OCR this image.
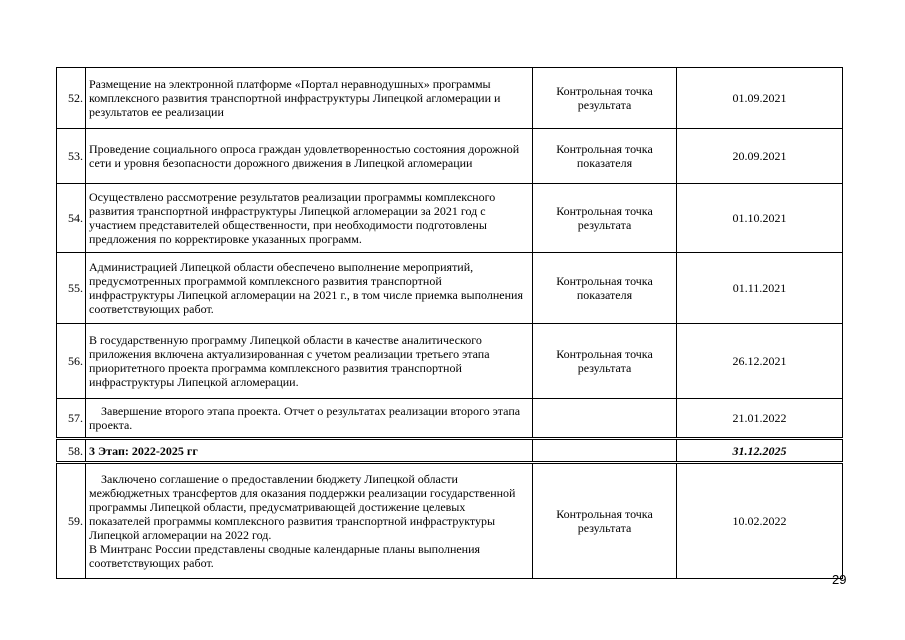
52.	Размещение на электронной платформе «Портал неравнодушных» программы комплексного развития транспортной инфраструктуры Липецкой агломерации и результатов ее реализации	Контрольная точка результата	01.09.2021
53.	Проведение социального опроса граждан удовлетворенностью состояния дорожной сети и уровня безопасности дорожного движения в Липецкой агломерации	Контрольная точка показателя	20.09.2021
54.	Осуществлено рассмотрение результатов реализации программы комплексного развития транспортной инфраструктуры Липецкой агломерации за 2021 год с участием представителей общественности, при необходимости подготовлены предложения по корректировке указанных программ.	Контрольная точка результата	01.10.2021
55.	Администрацией Липецкой области обеспечено выполнение мероприятий, предусмотренных программой комплексного развития транспортной инфраструктуры Липецкой агломерации на 2021 г., в том числе приемка выполнения соответствующих работ.	Контрольная точка показателя	01.11.2021
56.	В государственную программу Липецкой области в качестве аналитического приложения включена актуализированная с учетом реализации третьего этапа приоритетного проекта программа комплексного развития транспортной инфраструктуры Липецкой агломерации.	Контрольная точка результата	26.12.2021
57.	Завершение второго этапа проекта. Отчет о результатах реализации второго этапа проекта.		21.01.2022
58.	3 Этап: 2022-2025 гг		31.12.2025
59.	Заключено соглашение о предоставлении бюджету Липецкой области межбюджетных трансфертов для оказания поддержки реализации государственной программы Липецкой области, предусматривающей достижение целевых показателей программы комплексного развития транспортной инфраструктуры Липецкой агломерации на 2022 год.
В Минтранс России представлены сводные календарные планы выполнения соответствующих работ.	Контрольная точка результата	10.02.2022
29
